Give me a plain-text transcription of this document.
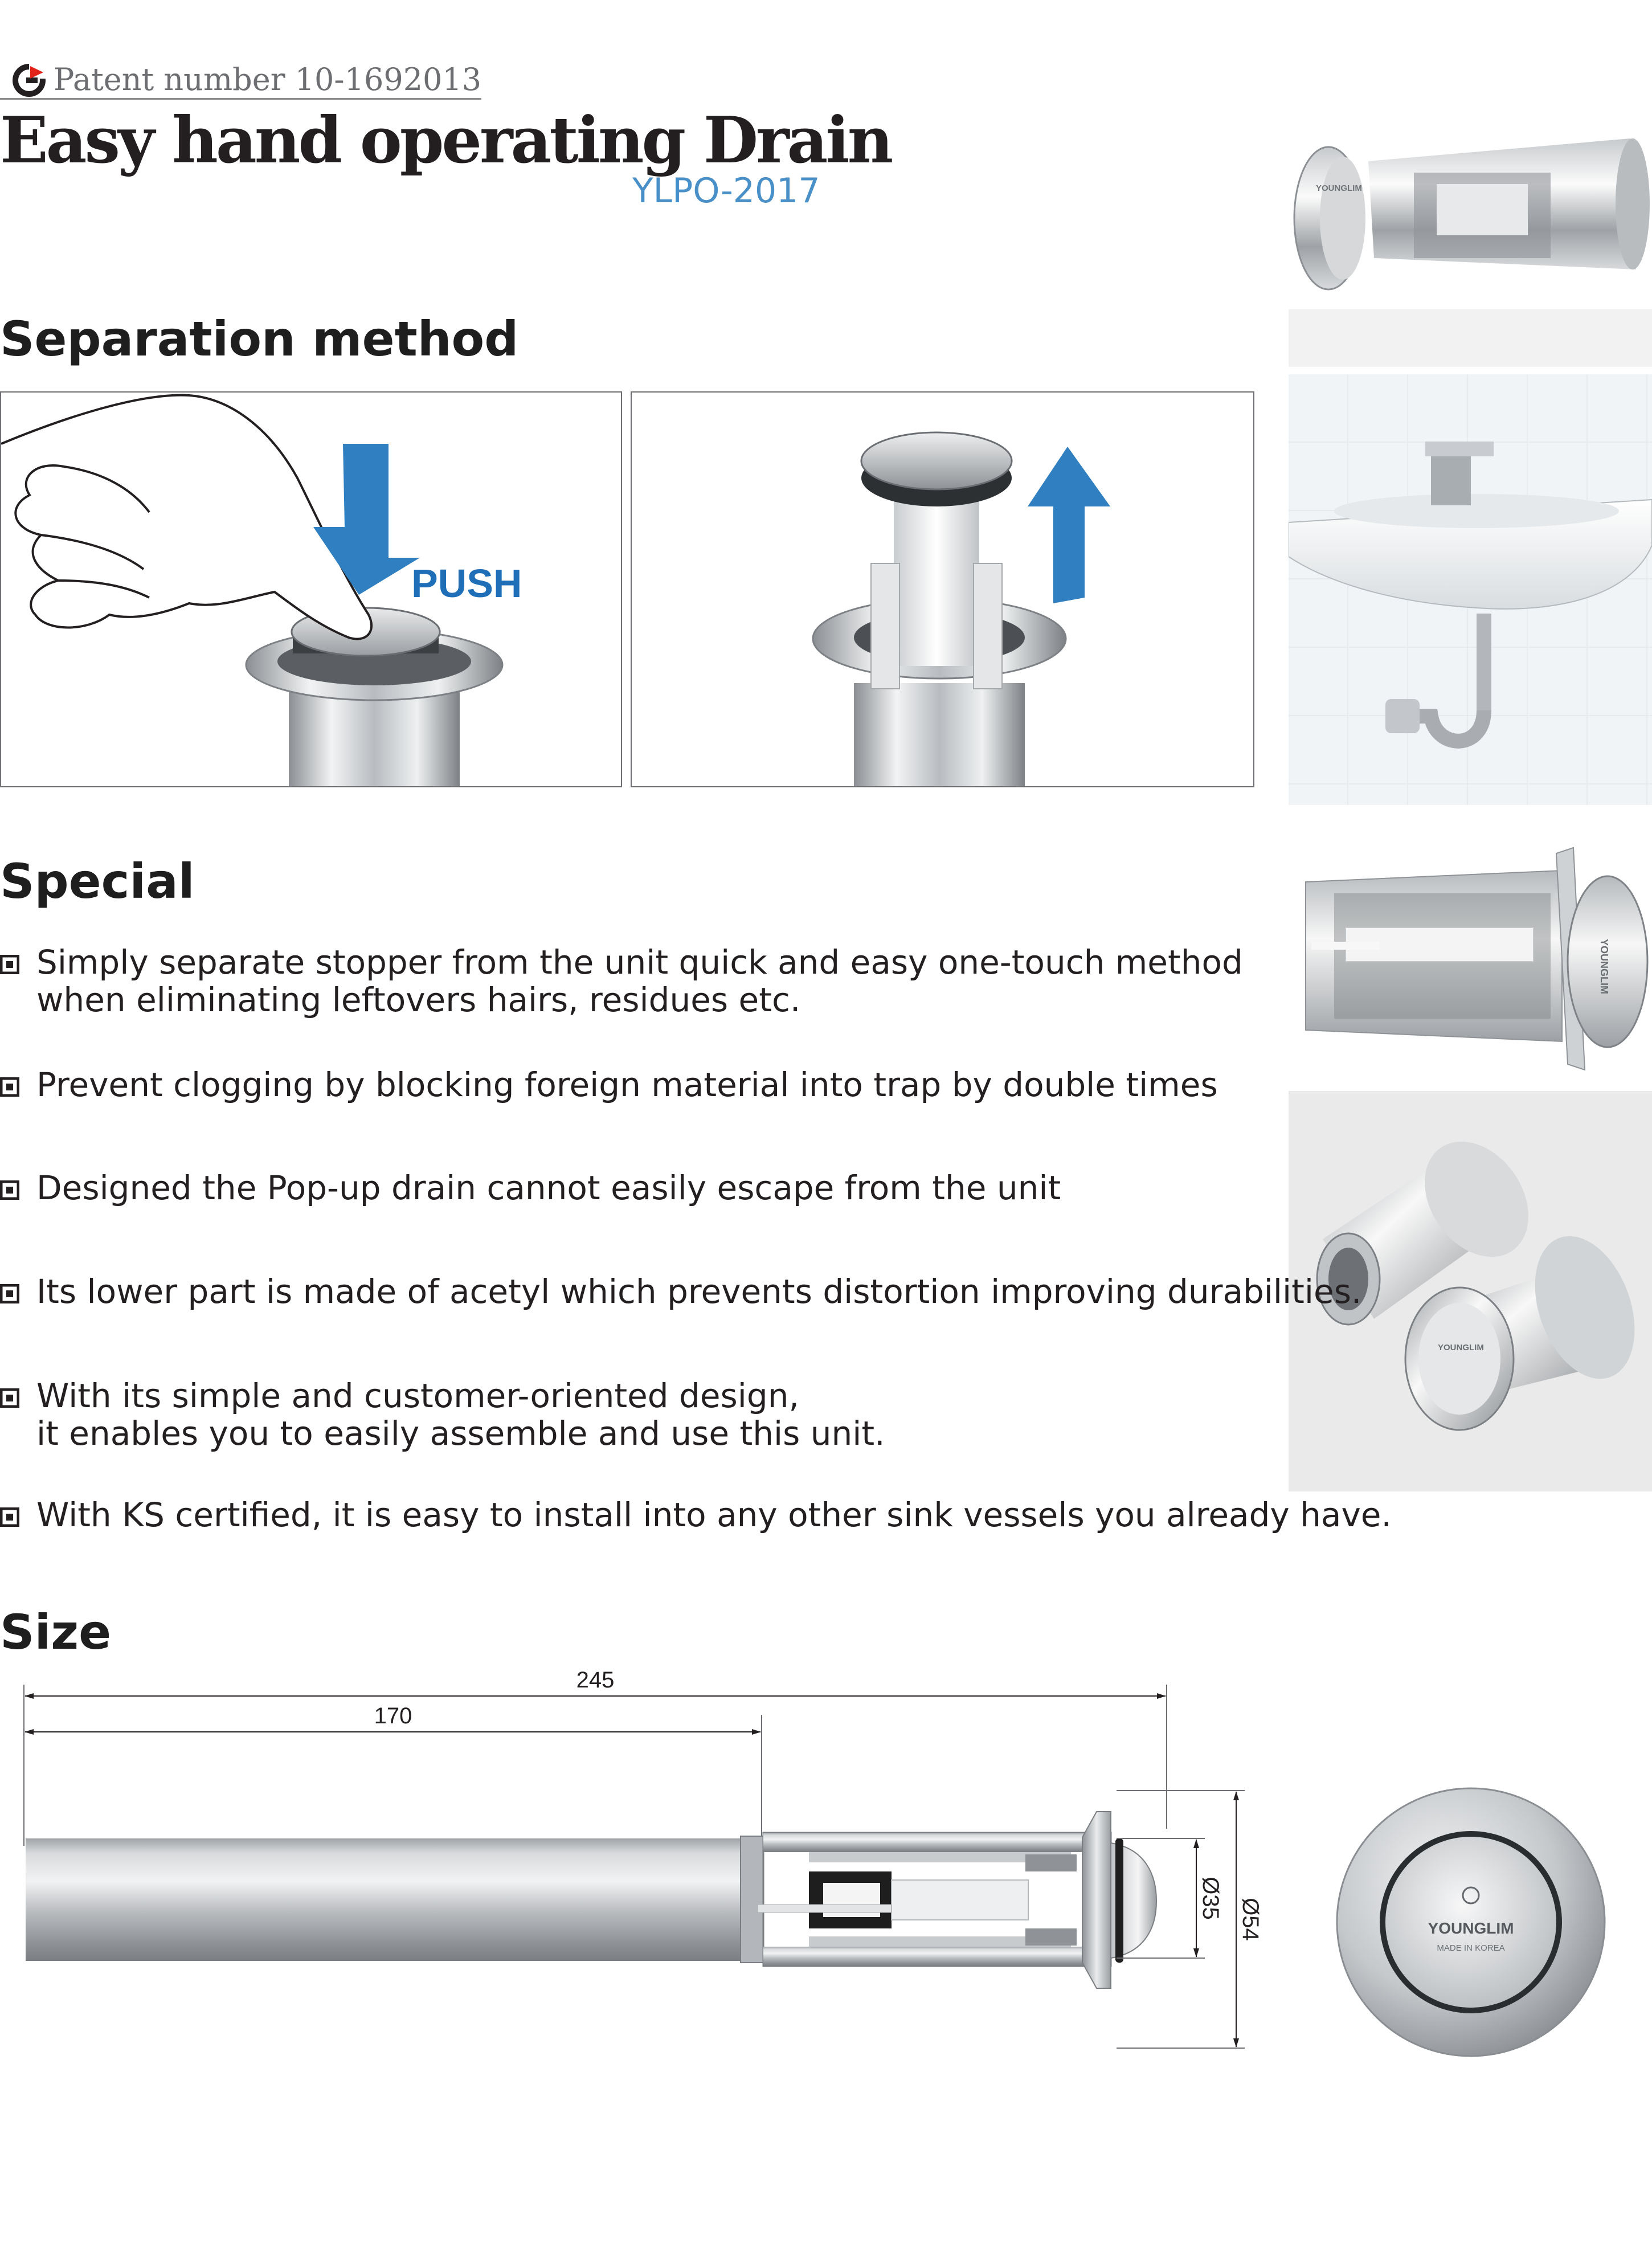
Patent number 10-1692013
Easy hand operating Drain
YLPO-2017
Separation method
PUSH
YOUNGLIM
YOUNGLIM
YOUNGLIM
YOUNGLIM
MADE IN KOREA
Special
Simply separate stopper from the unit quick and easy one-touch method
when eliminating leftovers hairs, residues etc.
Prevent clogging by blocking foreign material into trap by double times
Designed the Pop-up drain cannot easily escape from the unit
Its lower part is made of acetyl which prevents distortion improving durabilities.
With its simple and customer-oriented design,
it enables you to easily assemble and use this unit.
With KS certified, it is easy to install into any other sink vessels you already have.
Size
245
170
Ø35 Ø54
